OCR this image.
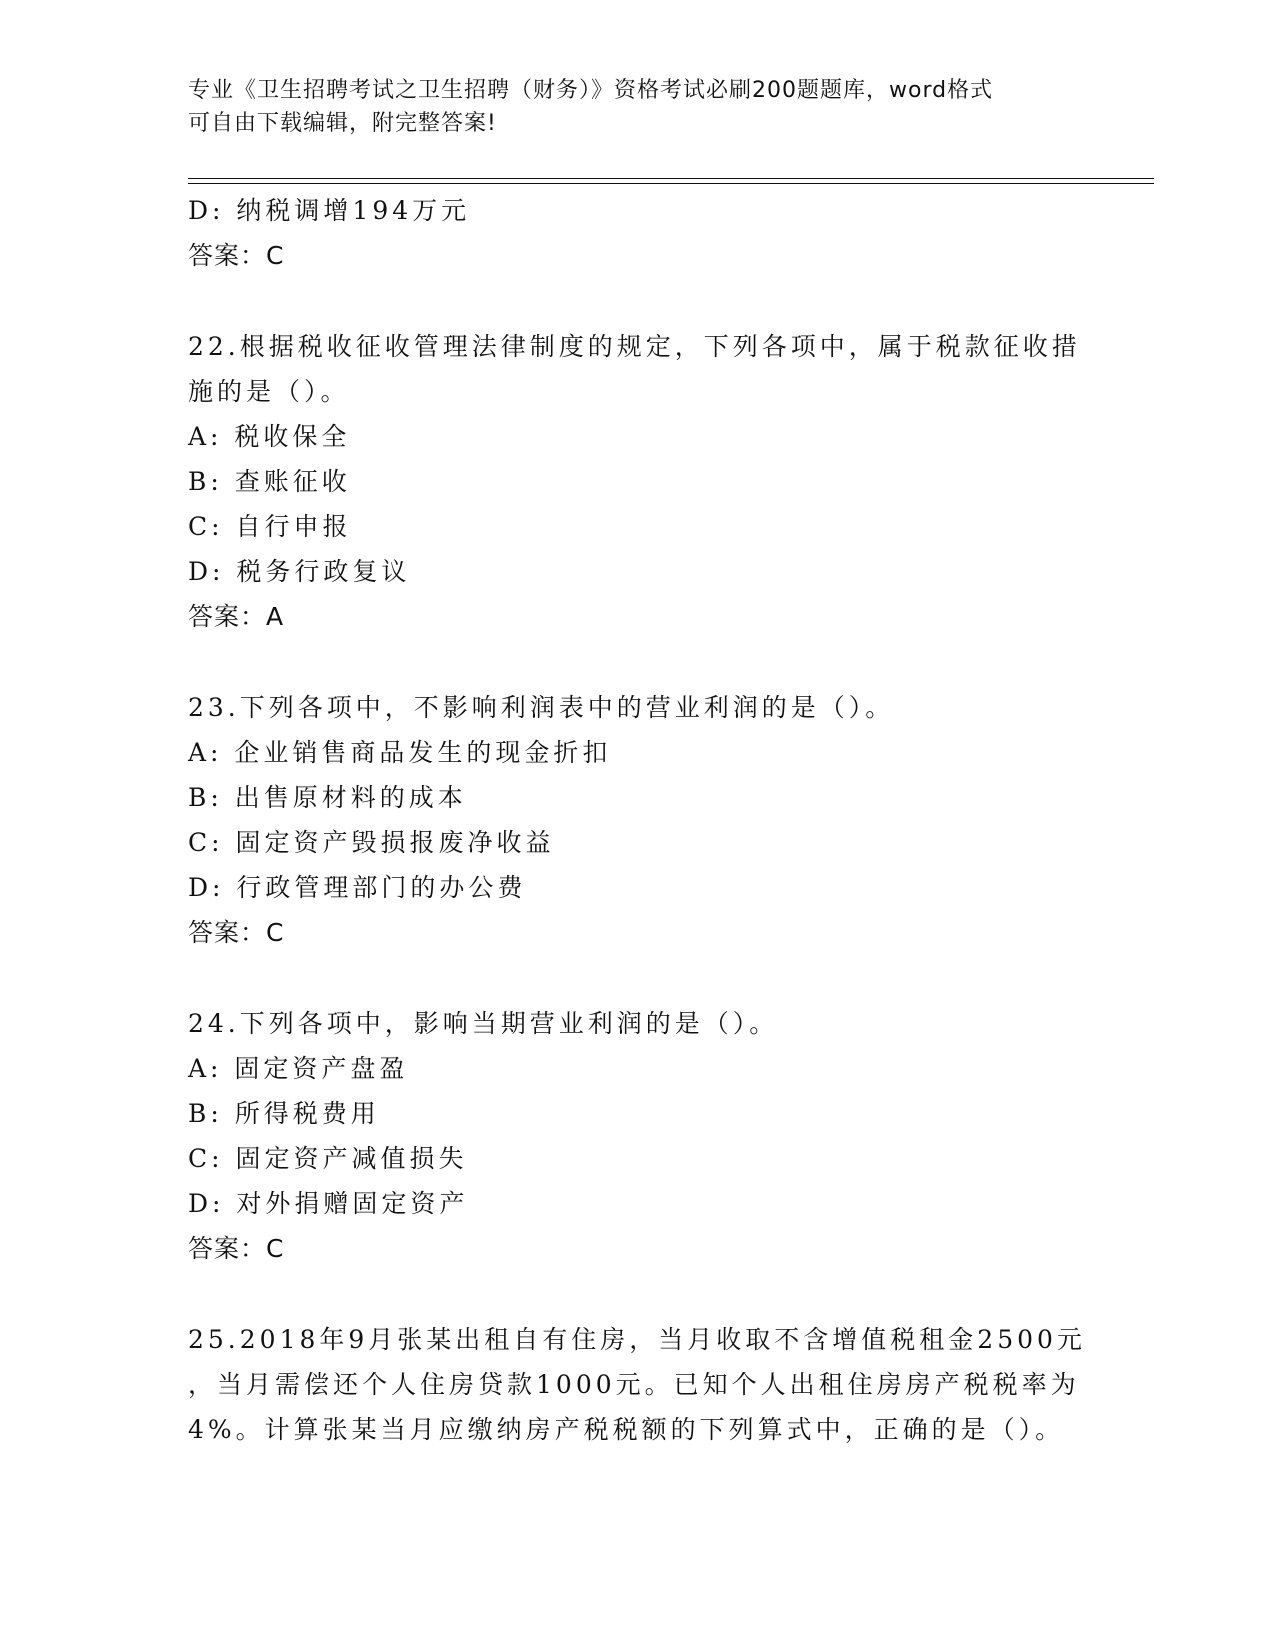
专业《卫生招聘考试之卫生招聘（财务）》资格考试必刷200题题库，word格式
可自由下载编辑，附完整答案!
D: 纳税调增194万元
答案：C
22.根据税收征收管理法律制度的规定，下列各项中，属于税款征收措
施的是（）。
A: 税收保全
B: 查账征收
C: 自行申报
D: 税务行政复议
答案：A
23.下列各项中，不影响利润表中的营业利润的是（）。
A: 企业销售商品发生的现金折扣
B: 出售原材料的成本
C: 固定资产毁损报废净收益
D: 行政管理部门的办公费
答案：C
24.下列各项中，影响当期营业利润的是（）。
A: 固定资产盘盈
B: 所得税费用
C: 固定资产减值损失
D: 对外捐赠固定资产
答案：C
25.2018年9月张某出租自有住房，当月收取不含增值税租金2500元
，当月需偿还个人住房贷款1000元。已知个人出租住房房产税税率为
4%。计算张某当月应缴纳房产税税额的下列算式中，正确的是（）。
